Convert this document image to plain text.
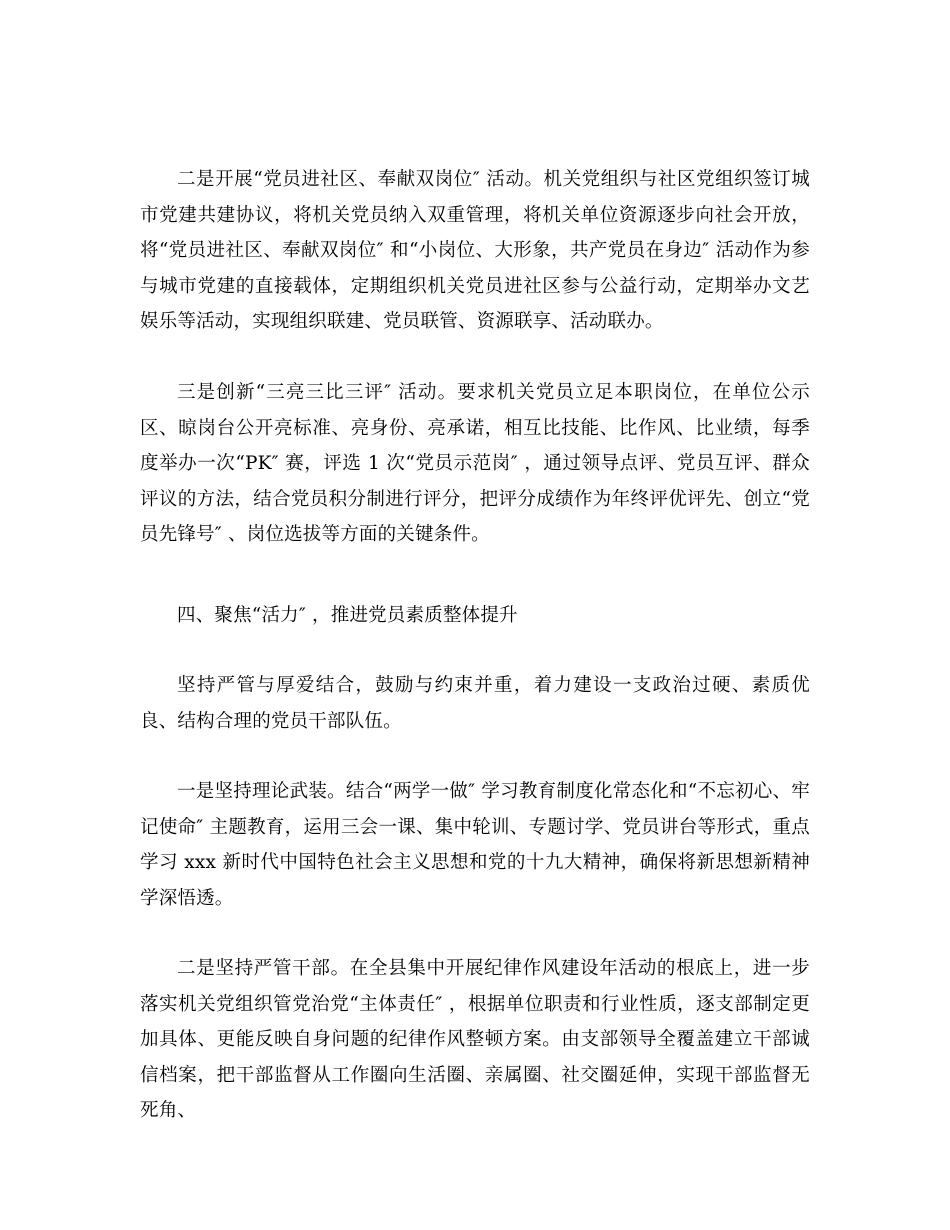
二是开展“党员进社区、奉献双岗位″ 活动。机关党组织与社区党组织签订城市党建共建协议，将机关党员纳入双重管理，将机关单位资源逐步向社会开放，将“党员进社区、奉献双岗位″ 和“小岗位、大形象，共产党员在身边″ 活动作为参与城市党建的直接载体，定期组织机关党员进社区参与公益行动，定期举办文艺娱乐等活动，实现组织联建、党员联管、资源联享、活动联办。

三是创新“三亮三比三评″ 活动。要求机关党员立足本职岗位，在单位公示区、晾岗台公开亮标准、亮身份、亮承诺，相互比技能、比作风、比业绩，每季度举办一次“PK″ 赛，评选 1 次“党员示范岗″ ，通过领导点评、党员互评、群众评议的方法，结合党员积分制进行评分，把评分成绩作为年终评优评先、创立“党员先锋号″ 、岗位选拔等方面的关键条件。

四、聚焦“活力″ ，推进党员素质整体提升

坚持严管与厚爱结合，鼓励与约束并重，着力建设一支政治过硬、素质优良、结构合理的党员干部队伍。

一是坚持理论武装。结合“两学一做″ 学习教育制度化常态化和“不忘初心、牢记使命″ 主题教育，运用三会一课、集中轮训、专题讨学、党员讲台等形式，重点学习 xxx 新时代中国特色社会主义思想和党的十九大精神，确保将新思想新精神学深悟透。

二是坚持严管干部。在全县集中开展纪律作风建设年活动的根底上，进一步落实机关党组织管党治党“主体责任″ ，根据单位职责和行业性质，逐支部制定更加具体、更能反映自身问题的纪律作风整顿方案。由支部领导全覆盖建立干部诚信档案，把干部监督从工作圈向生活圈、亲属圈、社交圈延伸，实现干部监督无死角、
